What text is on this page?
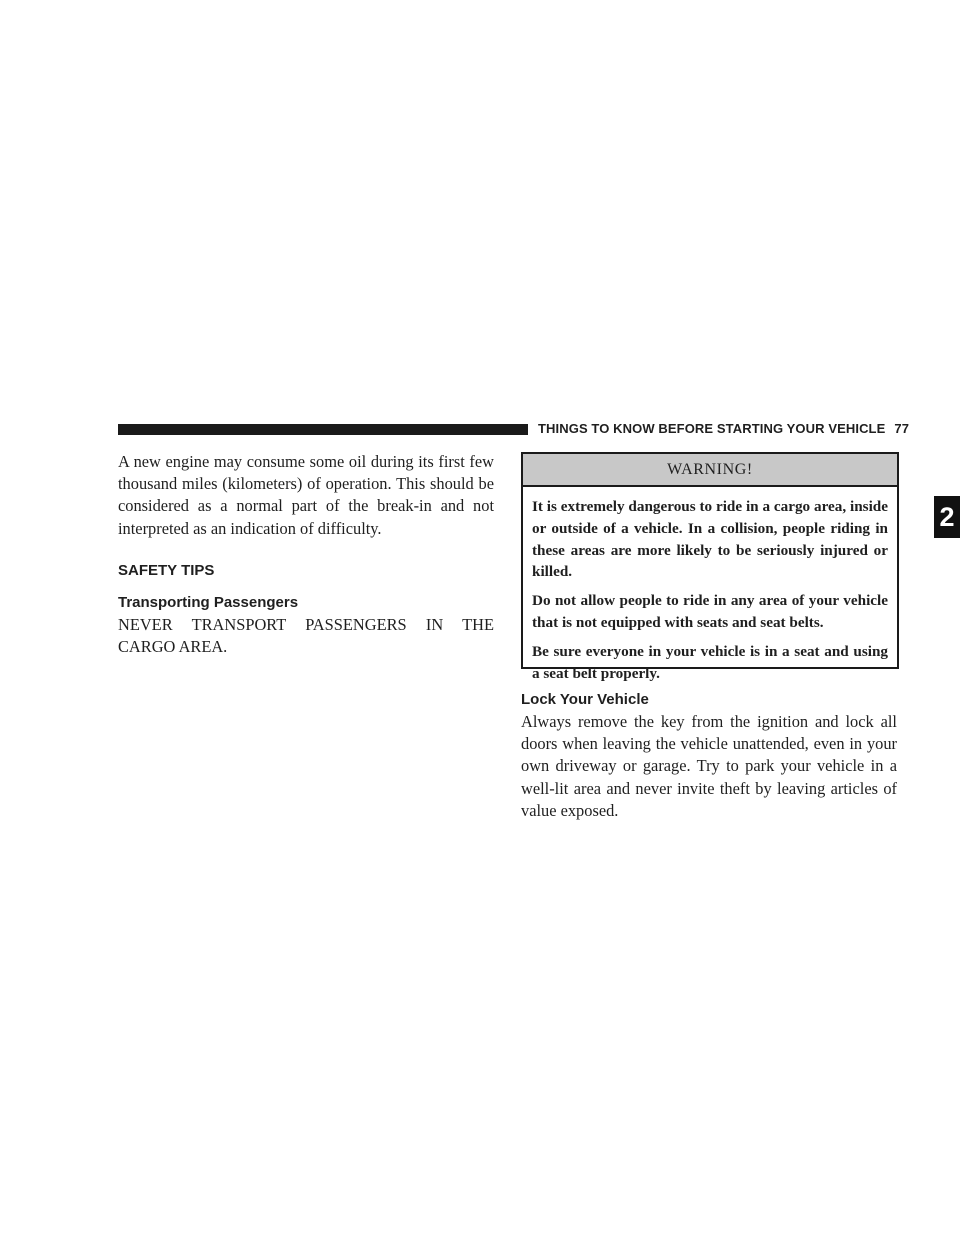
THINGS TO KNOW BEFORE STARTING YOUR VEHICLE 77
2

A new engine may consume some oil during its first few thousand miles (kilometers) of operation. This should be considered as a normal part of the break-in and not interpreted as an indication of difficulty.

SAFETY TIPS
Transporting Passengers

NEVER TRANSPORT PASSENGERS IN THE CARGO AREA.

WARNING!

It is extremely dangerous to ride in a cargo area, inside or outside of a vehicle. In a collision, people riding in these areas are more likely to be seriously injured or killed.

Do not allow people to ride in any area of your vehicle that is not equipped with seats and seat belts.

Be sure everyone in your vehicle is in a seat and using a seat belt properly.

Lock Your Vehicle

Always remove the key from the ignition and lock all doors when leaving the vehicle unattended, even in your own driveway or garage. Try to park your vehicle in a well-lit area and never invite theft by leaving articles of value exposed.
